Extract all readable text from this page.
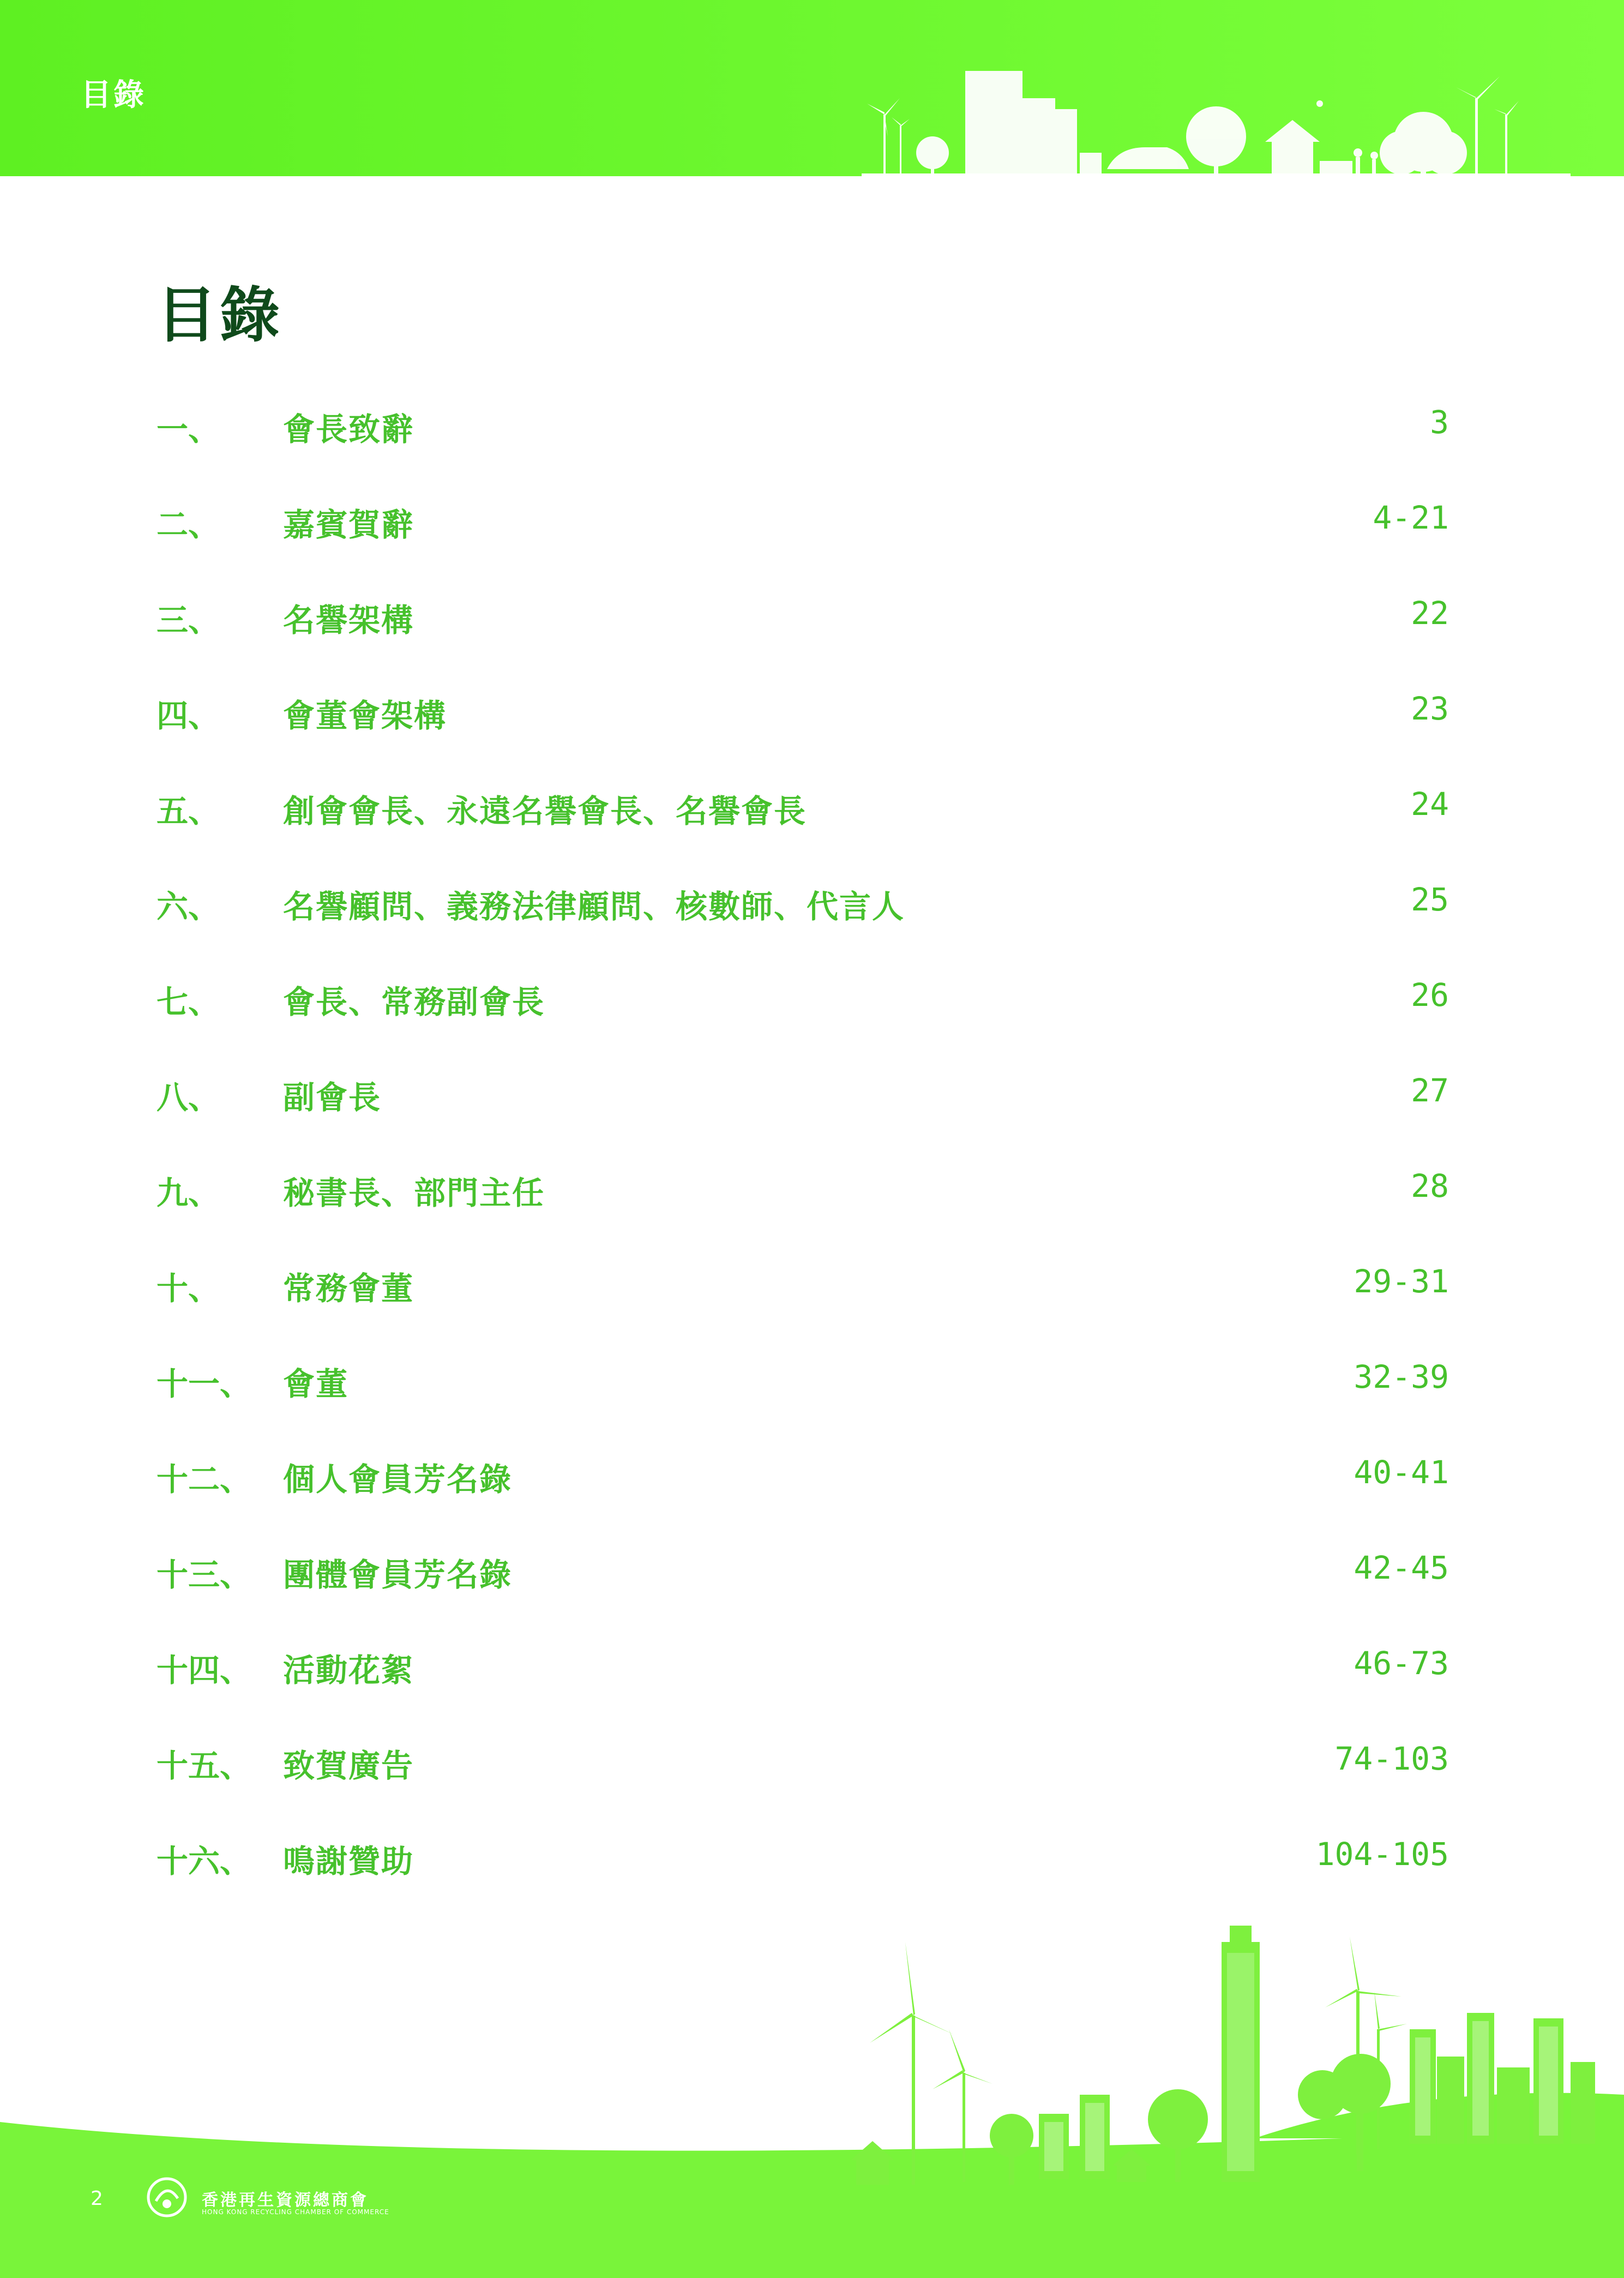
目錄
目錄
一、 會長致辭	3
二、 嘉賓賀辭	4-21
三、 名譽架構	22
四、 會董會架構	23
五、 創會會長、永遠名譽會長、名譽會長	24
六、 名譽顧問、義務法律顧問、核數師、代言人	25
七、 會長、常務副會長	26
八、 副會長	27
九、 秘書長、部門主任	28
十、 常務會董	29-31
十一、 會董	32-39
十二、 個人會員芳名錄	40-41
十三、 團體會員芳名錄	42-45
十四、 活動花絮	46-73
十五、 致賀廣告	74-103
十六、 鳴謝贊助	104-105
2	香港再生資源總商會
HONG KONG RECYCLING CHAMBER OF COMMERCE
